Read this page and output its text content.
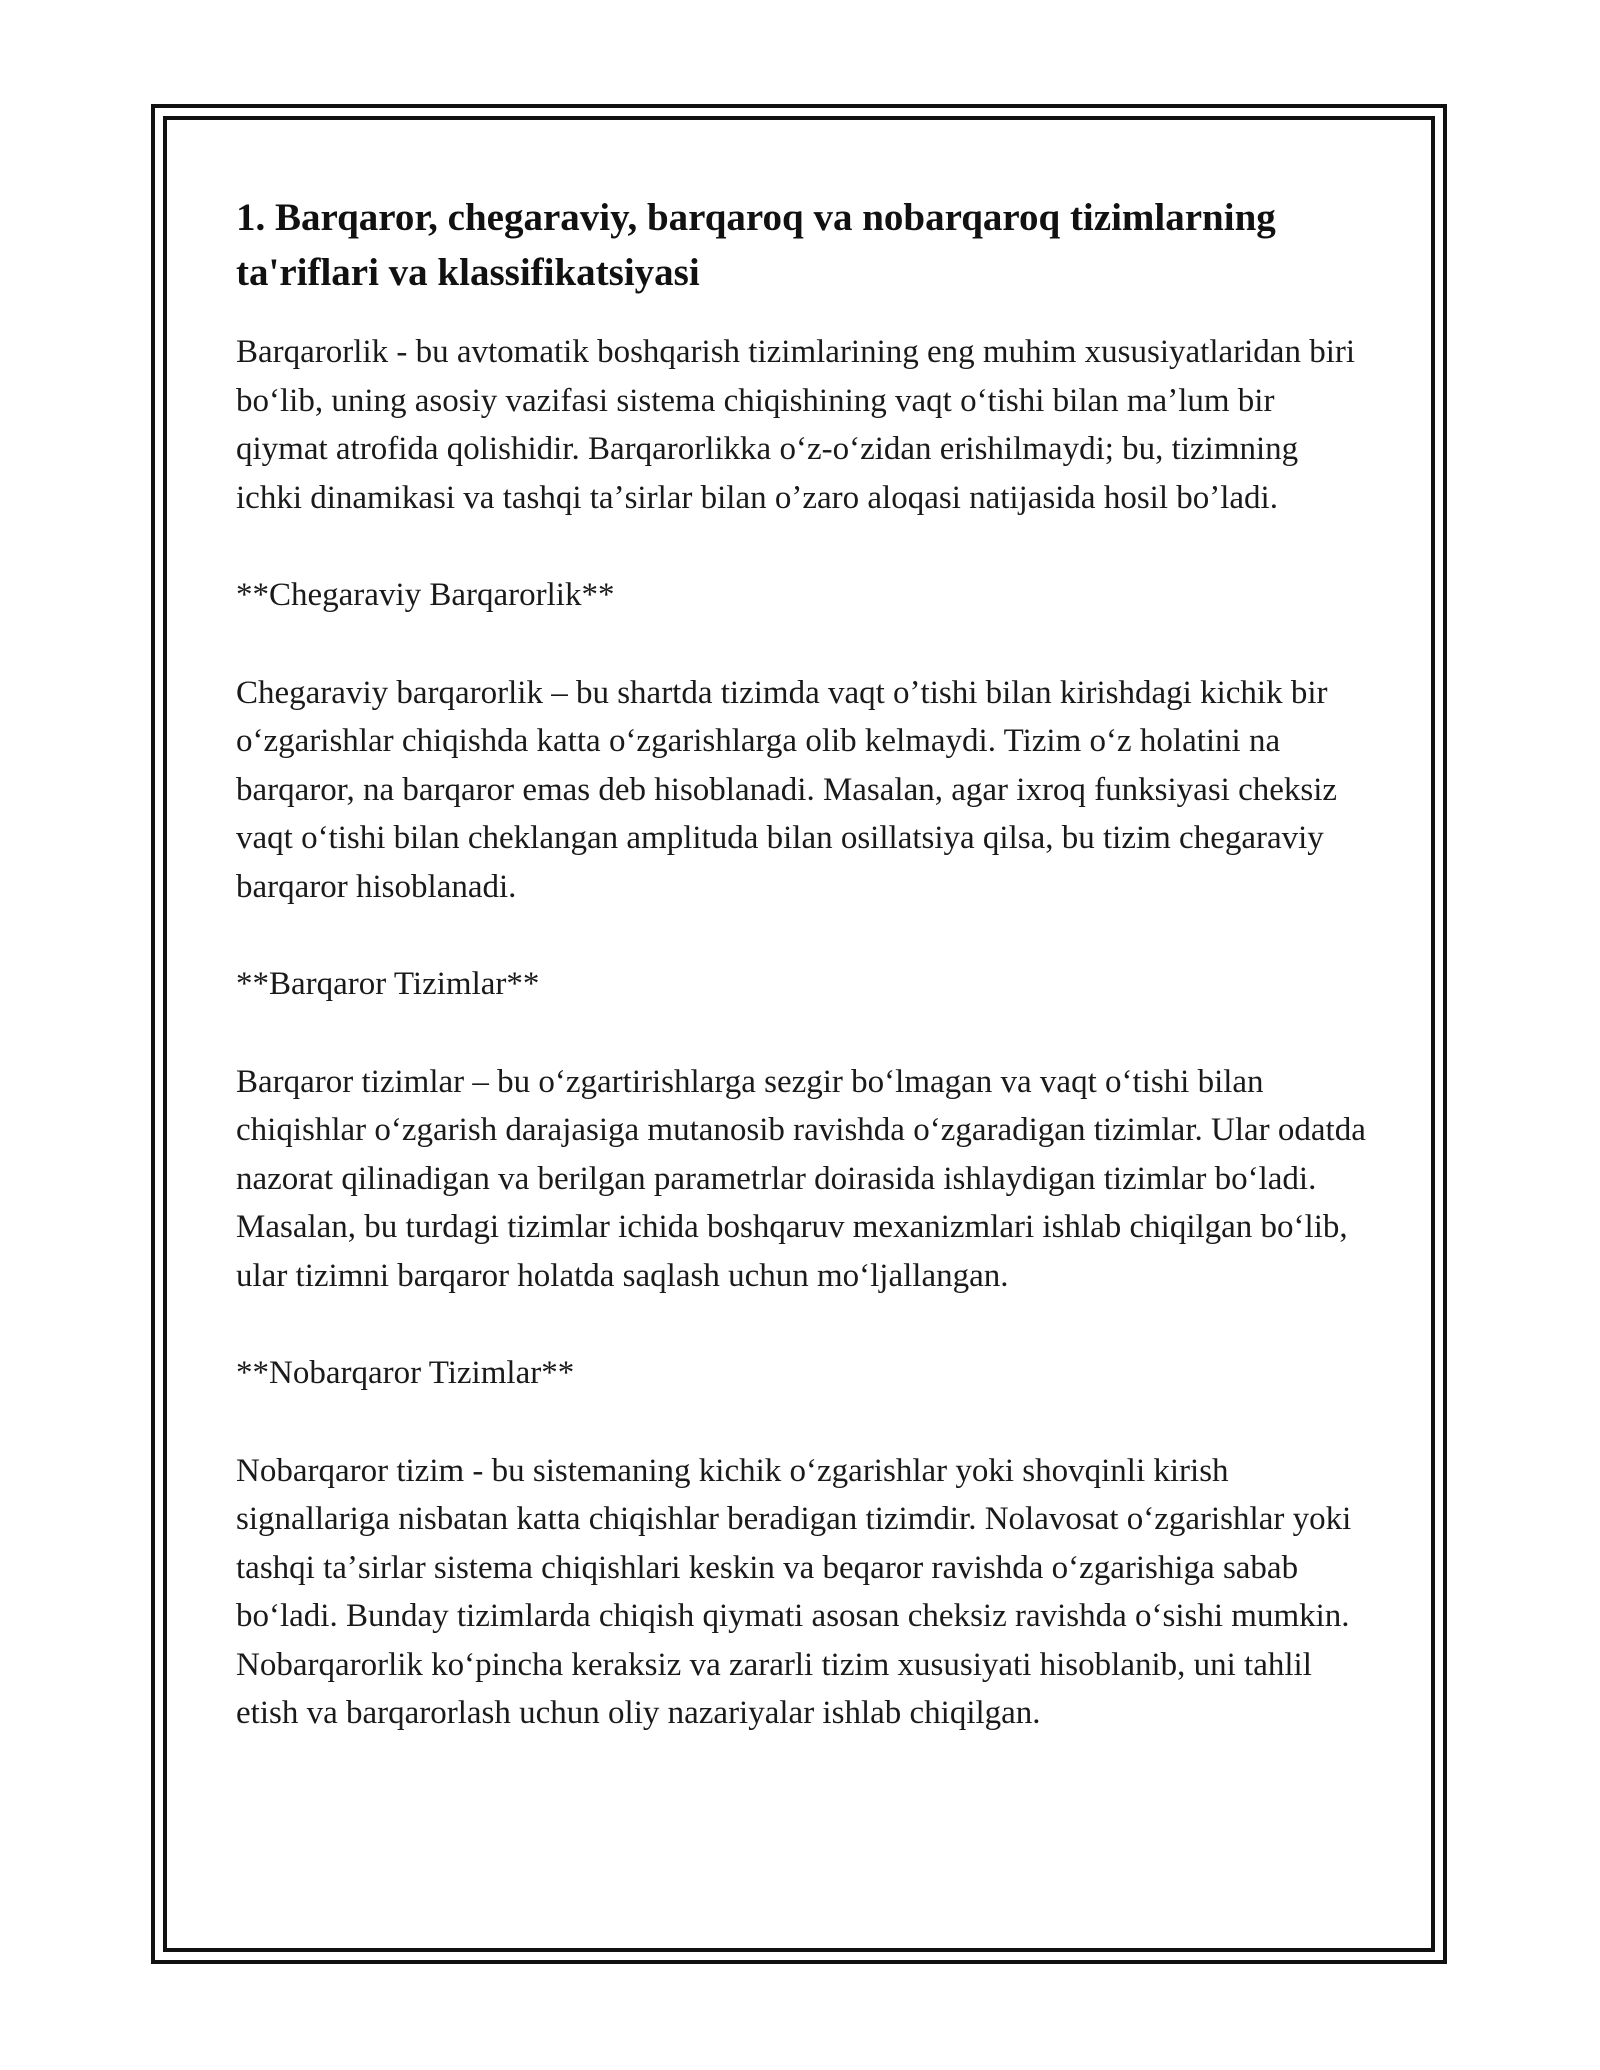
1. Barqaror, chegaraviy, barqaroq va nobarqaroq tizimlarning ta'riflari va klassifikatsiyasi

Barqarorlik - bu avtomatik boshqarish tizimlarining eng muhim xususiyatlaridan biri boʻlib, uning asosiy vazifasi sistema chiqishining vaqt oʻtishi bilan maʼlum bir qiymat atrofida qolishidir. Barqarorlikka oʻz-oʻzidan erishilmaydi; bu, tizimning ichki dinamikasi va tashqi taʼsirlar bilan oʼzaro aloqasi natijasida hosil boʼladi.

**Chegaraviy Barqarorlik**

Chegaraviy barqarorlik – bu shartda tizimda vaqt oʼtishi bilan kirishdagi kichik bir oʻzgarishlar chiqishda katta oʻzgarishlarga olib kelmaydi. Tizim oʻz holatini na barqaror, na barqaror emas deb hisoblanadi. Masalan, agar ixroq funksiyasi cheksiz vaqt oʻtishi bilan cheklangan amplituda bilan osillatsiya qilsa, bu tizim chegaraviy barqaror hisoblanadi.

**Barqaror Tizimlar**

Barqaror tizimlar – bu oʻzgartirishlarga sezgir boʻlmagan va vaqt oʻtishi bilan chiqishlar oʻzgarish darajasiga mutanosib ravishda oʻzgaradigan tizimlar. Ular odatda nazorat qilinadigan va berilgan parametrlar doirasida ishlaydigan tizimlar boʻladi. Masalan, bu turdagi tizimlar ichida boshqaruv mexanizmlari ishlab chiqilgan boʻlib, ular tizimni barqaror holatda saqlash uchun moʻljallangan.

**Nobarqaror Tizimlar**

Nobarqaror tizim - bu sistemaning kichik oʻzgarishlar yoki shovqinli kirish signallariga nisbatan katta chiqishlar beradigan tizimdir. Nolavosat oʻzgarishlar yoki tashqi taʼsirlar sistema chiqishlari keskin va beqaror ravishda oʻzgarishiga sabab boʻladi. Bunday tizimlarda chiqish qiymati asosan cheksiz ravishda oʻsishi mumkin. Nobarqarorlik koʻpincha keraksiz va zararli tizim xususiyati hisoblanib, uni tahlil etish va barqarorlash uchun oliy nazariyalar ishlab chiqilgan.
